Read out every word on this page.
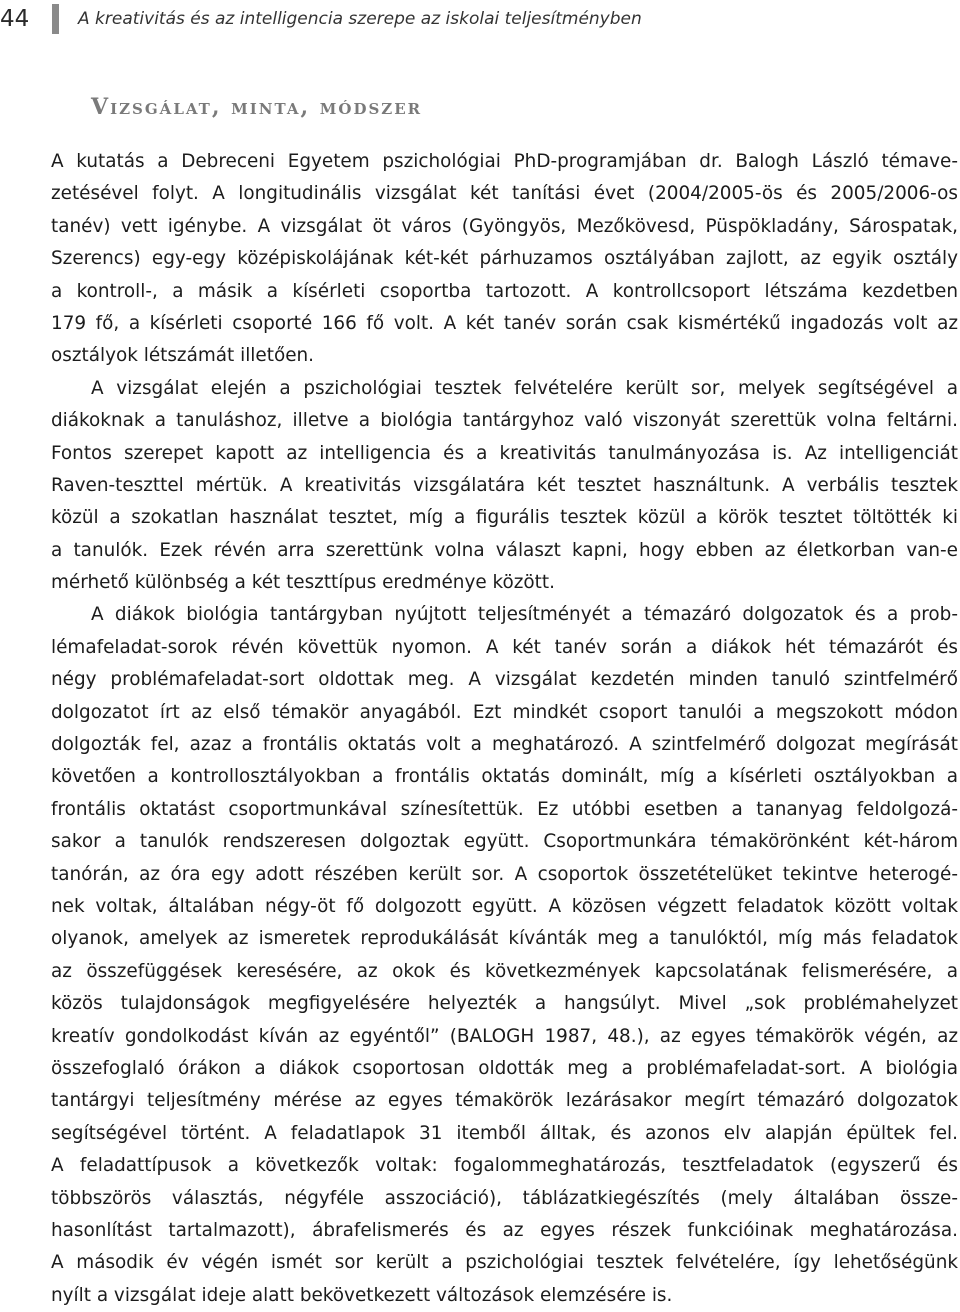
44	A kreativitás és az intelligencia szerepe az iskolai teljesítményben
Vizsgálat, minta, módszer
A kutatás a Debreceni Egyetem pszichológiai PhD-programjában dr. Balogh László témave-
zetésével folyt. A longitudinális vizsgálat két tanítási évet (2004/2005-ös és 2005/2006-os
tanév) vett igénybe. A vizsgálat öt város (Gyöngyös, Mezőkövesd, Püspökladány, Sárospatak,
Szerencs) egy-egy középiskolájának két-két párhuzamos osztályában zajlott, az egyik osztály
a kontroll-, a másik a kísérleti csoportba tartozott. A kontrollcsoport létszáma kezdetben
179 fő, a kísérleti csoporté 166 fő volt. A két tanév során csak kismértékű ingadozás volt az
osztályok létszámát illetően.
A vizsgálat elején a pszichológiai tesztek felvételére került sor, melyek segítségével a
diákoknak a tanuláshoz, illetve a biológia tantárgyhoz való viszonyát szerettük volna feltárni.
Fontos szerepet kapott az intelligencia és a kreativitás tanulmányozása is. Az intelligenciát
Raven-teszttel mértük. A kreativitás vizsgálatára két tesztet használtunk. A verbális tesztek
közül a szokatlan használat tesztet, míg a figurális tesztek közül a körök tesztet töltötték ki
a tanulók. Ezek révén arra szerettünk volna választ kapni, hogy ebben az életkorban van-e
mérhető különbség a két teszttípus eredménye között.
A diákok biológia tantárgyban nyújtott teljesítményét a témazáró dolgozatok és a prob-
lémafeladat-sorok révén követtük nyomon. A két tanév során a diákok hét témazárót és
négy problémafeladat-sort oldottak meg. A vizsgálat kezdetén minden tanuló szintfelmérő
dolgozatot írt az első témakör anyagából. Ezt mindkét csoport tanulói a megszokott módon
dolgozták fel, azaz a frontális oktatás volt a meghatározó. A szintfelmérő dolgozat megírását
követően a kontrollosztályokban a frontális oktatás dominált, míg a kísérleti osztályokban a
frontális oktatást csoportmunkával színesítettük. Ez utóbbi esetben a tananyag feldolgozá-
sakor a tanulók rendszeresen dolgoztak együtt. Csoportmunkára témakörönként két-három
tanórán, az óra egy adott részében került sor. A csoportok összetételüket tekintve heterogé-
nek voltak, általában négy-öt fő dolgozott együtt. A közösen végzett feladatok között voltak
olyanok, amelyek az ismeretek reprodukálását kívánták meg a tanulóktól, míg más feladatok
az összefüggések keresésére, az okok és következmények kapcsolatának felismerésére, a
közös tulajdonságok megfigyelésére helyezték a hangsúlyt. Mivel „sok problémahelyzet
kreatív gondolkodást kíván az egyéntől” (BALOGH 1987, 48.), az egyes témakörök végén, az
összefoglaló órákon a diákok csoportosan oldották meg a problémafeladat-sort. A biológia
tantárgyi teljesítmény mérése az egyes témakörök lezárásakor megírt témazáró dolgozatok
segítségével történt. A feladatlapok 31 itemből álltak, és azonos elv alapján épültek fel.
A feladattípusok a következők voltak: fogalommeghatározás, tesztfeladatok (egyszerű és
többszörös választás, négyféle asszociáció), táblázatkiegészítés (mely általában össze-
hasonlítást tartalmazott), ábrafelismerés és az egyes részek funkcióinak meghatározása.
A második év végén ismét sor került a pszichológiai tesztek felvételére, így lehetőségünk
nyílt a vizsgálat ideje alatt bekövetkezett változások elemzésére is.
